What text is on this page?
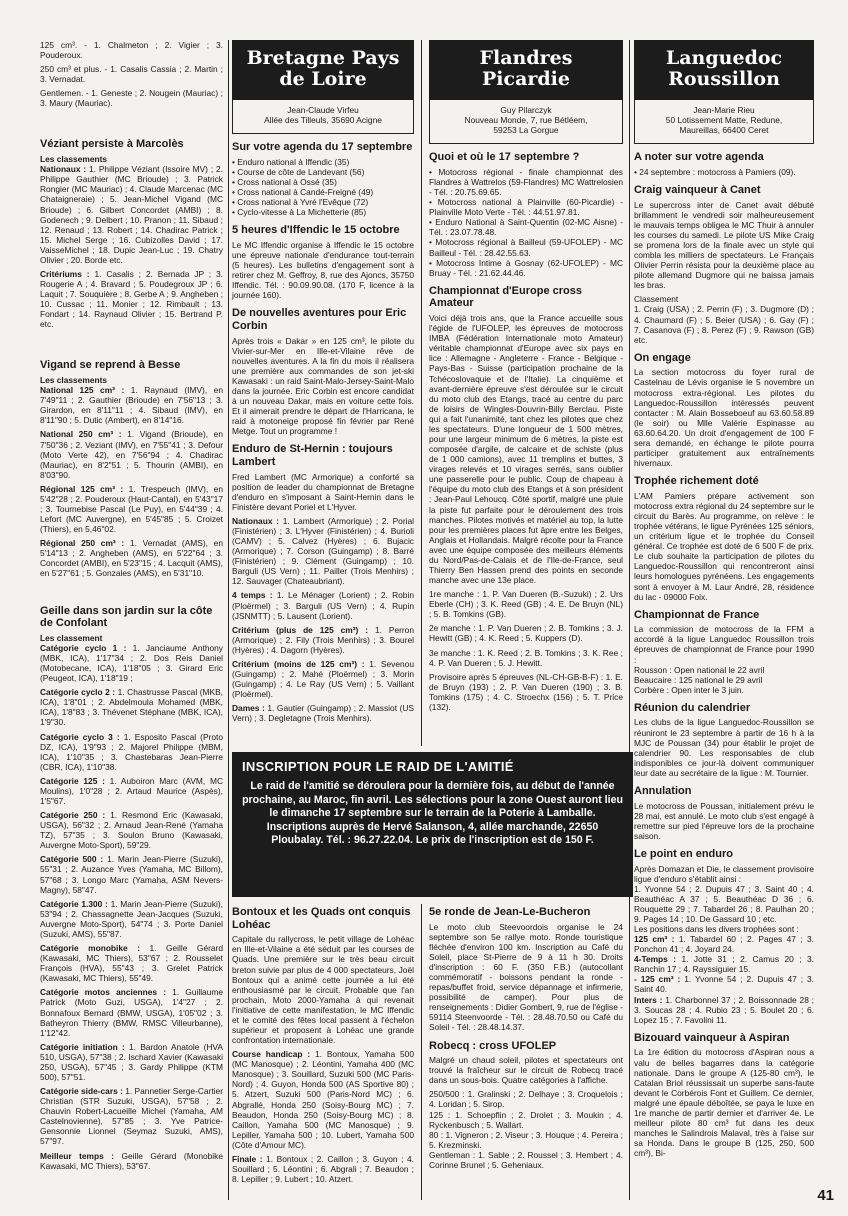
125 cm³. - 1. Chalmeton ; 2. Vigier ; 3. Pouderoux.

250 cm³ et plus. - 1. Casalis Cassia ; 2. Martin ; 3. Vernadat.

Gentlemen. - 1. Geneste ; 2. Nougein (Mauriac) ; 3. Maury (Mauriac).

Véziant persiste à Marcolès
Les classements

Nationaux : 1. Philippe Véziant (Issoire MV) ; 2. Philippe Gauthier (MC Brioude) ; 3. Patrick Rongier (MC Mauriac) ; 4. Claude Marcenac (MC Chataigneraie) ; 5. Jean-Michel Vigand (MC Brioude) ; 6. Gilbert Concordet (AMBI) ; 8. Godenech ; 9. Delbert ; 10. Pranon ; 11. Sibaud ; 12. Renaud ; 13. Robert ; 14. Chadirac Patrick ; 15. Michel Serge ; 16. Cubizolles David ; 17. VaisseMichel ; 18. Dupic Jean-Luc ; 19. Chatry Olivier ; 20. Borde etc.

Critériums : 1. Casalis ; 2. Bernada JP ; 3. Rougerie A ; 4. Bravard ; 5. Poudegroux JP ; 6. Laquit ; 7. Souquière ; 8. Gerbe A ; 9. Angheben ; 10. Cussac ; 11. Monier ; 12. Rimbault ; 13. Fondart ; 14. Raynaud Olivier ; 15. Bertrand P. etc.

Vigand se reprend à Besse
Les classements

National 125 cm³ : 1. Raynaud (IMV), en 7'49"11 ; 2. Gauthier (Brioude) en 7'56"13 ; 3. Girardon, en 8'11"11 ; 4. Sibaud (IMV), en 8'11"90 ; 5. Dutic (Ambert), en 8'14"16.

National 250 cm³ : 1. Vigand (Brioude), en 7'50"36 ; 2. Veziant (IMV), en 7'55"41 ; 3. Defour (Moto Verte 42), en 7'56"94 ; 4. Chadirac (Mauriac), en 8'2"51 ; 5. Thourin (AMBI), en 8'03"90.

Régional 125 cm³ : 1. Trespeuch (IMV), en 5'42"28 ; 2. Pouderoux (Haut-Cantal), en 5'43"17 ; 3. Tournebise Pascal (Le Puy), en 5'44"39 ; 4. Lefort (MC Auvergne), en 5'45"85 ; 5. Croizet (Thiers), en 5,46"02.

Régional 250 cm³ : 1. Vernadat (AMS), en 5'14"13 ; 2. Angheben (AMS), en 5'22"64 ; 3. Concordet (AMBI), en 5'23"15 ; 4. Lacquit (AMS), en 5'27"61 ; 5. Gonzales (AMS), en 5'31"10.

Geille dans son jardin sur la côte de Confolant
Les classement

Catégorie cyclo 1 : 1. Janciaume Anthony (MBK, ICA), 1'17"34 ; 2. Dos Reis Daniel (Motobecane, ICA), 1'18"05 ; 3. Girard Eric (Peugeot, ICA), 1'18"19 ;

Catégorie cyclo 2 : 1. Chastrusse Pascal (MKB, ICA), 1'8"01 ; 2. Abdelmoula Mohamed (MBK, ICA), 1'8"83 ; 3. Thévenet Stéphane (MBK, ICA), 1'9"30.

Catégorie cyclo 3 : 1. Esposito Pascal (Proto DZ, ICA), 1'9"93 ; 2. Majorel Philippe (MBM, ICA), 1'10"35 ; 3. Chastebaras Jean-Pierre (CBR, ICA), 1'10"38.

Catégorie 125 : 1. Auboiron Marc (AVM, MC Moulins), 1'0"28 ; 2. Artaud Maurice (Aspès), 1'5"67.

Catégorie 250 : 1. Resmond Eric (Kawasaki, USGA), 56"32 ; 2. Arnaud Jean-René (Yamaha TZ), 57"35 ; 3. Soulon Bruno (Kawasaki, Auvergne Moto-Sport), 59"29.

Catégorie 500 : 1. Marin Jean-Pierre (Suzuki), 55"31 ; 2. Auzance Yves (Yamaha, MC Billom), 57"68 ; 3. Longo Marc (Yamaha, ASM Nevers-Magny), 58"47.

Catégorie 1.300 : 1. Marin Jean-Pierre (Suzuki), 53"94 ; 2. Chassagnette Jean-Jacques (Suzuki, Auvergne Moto-Sport), 54"74 ; 3. Porte Daniel (Suzuki, AMS), 55"87.

Catégorie monobike : 1. Geille Gérard (Kawasaki, MC Thiers), 53"67 ; 2. Rousselet François (HVA), 55"43 ; 3. Grelet Patrick (Kawasaki, MC Thiers), 55"49.

Catégorie motos anciennes : 1. Guillaume Patrick (Moto Guzi, USGA), 1'4"27 ; 2. Bonnafoux Bernard (BMW, USGA), 1'05"02 ; 3. Batheyron Thierry (BMW, RMSC Villeurbanne), 1'12"42.

Catégorie initiation : 1. Bardon Anatole (HVA 510, USGA), 57"38 ; 2. Ischard Xavier (Kawasaki 250, USGA), 57"45 ; 3. Gardy Philippe (KTM 500), 57"51.

Catégorie side-cars : 1. Pannetier Serge-Cartier Christian (STR Suzuki, USGA), 57"58 ; 2. Chauvin Robert-Lacueille Michel (Yamaha, AM Castelnovienne), 57"85 ; 3. Yve Patrice-Gensonnie Lionnel (Seymaz Suzuki, AMS), 57"97.

Meilleur temps : Geille Gérard (Monobike Kawasaki, MC Thiers), 53"67.

Bretagne Pays de Loire
Jean-Claude Virfeu
Allée des Tilleuls, 35690 Acigne
Sur votre agenda du 17 septembre
• Enduro national à Iffendic (35)
• Course de côte de Landevant (56)
• Cross national à Ossé (35)
• Cross national à Candé-Freigné (49)
• Cross national à Yvré l'Evêque (72)
• Cyclo-vitesse à La Michetterie (85)
5 heures d'Iffendic le 15 octobre

Le MC Iffendic organise à Iffendic le 15 octobre une épreuve nationale d'endurance tout-terrain (5 heures). Les bulletins d'engagement sont à retirer chez M. Geffroy, 8, rue des Ajoncs, 35750 Iffendic. Tél. : 90.09.90.08. (170 F, licence à la journée 160).

De nouvelles aventures pour Eric Corbin

Après trois « Dakar » en 125 cm³, le pilote du Vivier-sur-Mer en Ille-et-Vilaine rêve de nouvelles aventures. A la fin du mois il réalisera une première aux commandes de son jet-ski Kawasaki : un raid Saint-Malo-Jersey-Saint-Malo dans la journée. Eric Corbin est encore candidat à un nouveau Dakar, mais en voiture cette fois. Et il aimerait prendre le départ de l'Harricana, le raid à motoneige proposé fin février par René Metge. Tout un programme !

Enduro de St-Hernin : toujours Lambert

Fred Lambert (MC Armorique) a conforté sa position de leader du championnat de Bretagne d'enduro en s'imposant à Saint-Hernin dans le Finistère devant Poriel et L'Hyver.

Nationaux : 1. Lambert (Armorique) ; 2. Porial (Finistérien) ; 3. L'Hyver (Finistérien) ; 4. Burioli (CAMV) ; 5. Calvez (Hyères) ; 6. Bujacic (Armorique) ; 7. Corson (Guingamp) ; 8. Barré (Finistérien) ; 9. Clément (Guingamp) ; 10. Barguli (US Vern) ; 11. Pailler (Trois Menhirs) ; 12. Sauvager (Chateaubriant).

4 temps : 1. Le Ménager (Lorient) ; 2. Robin (Ploërmel) ; 3. Barguli (US Vern) ; 4. Rupin (JSNMTT) ; 5. Lausent (Lorient).

Critérium (plus de 125 cm³) : 1. Perron (Armorique) ; 2. Fily (Trois Menhirs) ; 3. Bourel (Hyères) ; 4. Dagorn (Hyères).

Critérium (moins de 125 cm³) : 1. Sevenou (Guingamp) ; 2. Mahé (Ploërmel) ; 3. Morin (Guingamp) ; 4. Le Ray (US Vern) ; 5. Vaillant (Ploërmel).

Dames : 1. Gautier (Guingamp) ; 2. Massiot (US Vern) ; 3. Degletagne (Trois Menhirs).

Flandres Picardie
Guy Pilarczyk
Nouveau Monde, 7, rue Bétléem,
59253 La Gorgue
Quoi et où le 17 septembre ?
• Motocross régional - finale championnat des Flandres à Wattrelos (59-Flandres) MC Wattrelosien - Tél. : 20.75.69.65.
• Motocross national à Plainville (60-Picardie) - Plainville Moto Verte - Tél. : 44.51.97.81.
• Enduro National à Saint-Quentin (02-MC Aisne) - Tél. : 23.07.78.48.
• Motocross régional à Bailleul (59-UFOLEP) - MC Bailleul - Tél. : 28.42.55.63.
• Motocross Intime à Gosnay (62-UFOLEP) - MC Bruay - Tél. : 21.62.44.46.
Championnat d'Europe cross Amateur

Voici déjà trois ans, que la France accueille sous l'égide de l'UFOLEP, les épreuves de motocross IMBA (Fédération Internationale moto Amateur) véritable championnat d'Europe avec six pays en lice : Allemagne - Angleterre - France - Belgique - Pays-Bas - Suisse (participation prochaine de la Tchécoslovaquie et de l'Italie). La cinquième et avant-dernière épreuve s'est déroulée sur le circuit du moto club des Etangs, tracé au centre du parc de loisirs de Wingles-Douvrin-Billy Berclau. Piste qui a fait l'unanimité, tant chez les pilotes que chez les spectateurs. D'une longueur de 1 500 mètres, pour une largeur minimum de 6 mètres, la piste est composée d'argile, de calcaire et de schiste (plus de 1 000 camions), avec 11 tremplins et buttes, 3 virages relevés et 10 virages serrés, sans oublier une passerelle pour le public. Coup de chapeau à l'équipe du moto club des Etangs et à son président : Jean-Paul Lehoucq. Côté sportif, malgré une pluie la piste fut parfaite pour le déroulement des trois manches. Pilotes motivés et matériel au top, la lutte pour les premières places fut âpre entre les Belges, Anglais et Hollandais. Malgré récolte pour la France avec une équipe composée des meilleurs éléments du Nord/Pas-de-Calais et de l'Ile-de-France, seul Thierry Ben Hassen prend des points en seconde manche avec une 13e place.

1re manche : 1. P. Van Dueren (B.-Suzuki) ; 2. Urs Eberle (CH) ; 3. K. Reed (GB) ; 4. E. De Bruyn (NL) ; 5. B. Tomkins (GB).

2e manche : 1. P. Van Dueren ; 2. B. Tomkins ; 3. J. Hewitt (GB) ; 4. K. Reed ; 5. Kuppers (D).

3e manche : 1. K. Reed ; 2. B. Tomkins ; 3. K. Ree ; 4. P. Van Dueren ; 5. J. Hewitt.

Provisoire après 5 épreuves (NL-CH-GB-B-F) : 1. E. de Bruyn (193) ; 2. P. Van Dueren (190) ; 3. B. Tomkins (175) ; 4. C. Stroechx (156) ; 5. T. Price (132).

Languedoc Roussillon
Jean-Marie Rieu
50 Lotissement Matte, Redune,
Maureillas, 66400 Ceret
A noter sur votre agenda

• 24 septembre : motocross à Pamiers (09).

Craig vainqueur à Canet

Le supercross inter de Canet avait débuté brillamment le vendredi soir malheureusement le mauvais temps obligea le MC Thuir à annuler les courses du samedi. Le pilote US Mike Craig se promena lors de la finale avec un style qui combla les milliers de spectateurs. Le Français Olivier Perrin résista pour la deuxième place au pilote allemand Dugmore qui ne baissa jamais les bras.

Classement

1. Craig (USA) ; 2. Perrin (F) ; 3. Dugmore (D) ; 4. Chaumard (F) ; 5. Beier (USA) ; 6. Gay (F) ; 7. Casanova (F) ; 8. Perez (F) ; 9. Rawson (GB) etc.

On engage

La section motocross du foyer rural de Castelnau de Lévis organise le 5 novembre un motocross extra-régional. Les pilotes du Languedoc-Roussillon intéressés peuvent contacter : M. Alain Bosseboeuf au 63.60.58.89 (le soir) ou Mlle Valérie Espinasse au 63.60.64.20. Un droit d'engagement de 100 F sera demandé, en échange le pilote pourra participer gratuitement aux entraînements hivernaux.

Trophée richement doté

L'AM Pamiers prépare activement son motocross extra régional du 24 septembre sur le circuit du Barès. Au programme, on relève : le trophée vétérans, le ligue Pyrénées 125 séniors, un critérium ligue et le trophée du Conseil général. Ce trophée est doté de 6 500 F de prix. Le club souhaite la participation de pilotes du Languedoc-Roussillon qui rencontreront ainsi leurs homologues pyrénéens. Les engagements sont à envoyer à M. Laur André, 28, résidence du lac - 09000 Foix.

Championnat de France

La commission de motocross de la FFM a accordé à la ligue Languedoc Roussillon trois épreuves de championnat de France pour 1990 :

Rousson : Open national le 22 avril
Beaucaire : 125 national le 29 avril

Corbère : Open inter le 3 juin.

Réunion du calendrier

Les clubs de la ligue Languedoc-Roussillon se réuniront le 23 septembre à partir de 16 h à la MJC de Poussan (34) pour établir le projet de calendrier 90. Les responsables de club indisponibles ce jour-là doivent communiquer leur date au secrétaire de la ligue : M. Tournier.

Annulation

Le motocross de Poussan, initialement prévu le 28 mai, est annulé. Le moto club s'est engagé à remettre sur pied l'épreuve lors de la prochaine saison.

Le point en enduro

Après Domazan et Die, le classement provisoire ligue d'enduro s'établit ainsi :

1. Yvonne 54 ; 2. Dupuis 47 ; 3. Saint 40 ; 4. Beauthéac A 37 ; 5. Beauthéac D 36 ; 6. Rouquette 29 ; 7. Tabardel 26 ; 8. Paulhan 20 ; 9. Pages 14 ; 10. De Gassard 10 ; etc.

Les positions dans les divers trophées sont :

125 cm³ : 1. Tabardel 60 ; 2. Pages 47 ; 3. Ponchon 41 ; 4. Joyard 24.
4-Temps : 1. Jotte 31 ; 2. Camus 20 ; 3. Ranchin 17 ; 4. Rayssiguier 15.
- 125 cm³ : 1. Yvonne 54 ; 2. Dupuis 47 ; 3. Saint 40.

Inters : 1. Charbonnel 37 ; 2. Boissonnade 28 ; 3. Soucas 28 ; 4. Rubio 23 ; 5. Boulet 20 ; 6. Lopez 15 ; 7. Favolini 11.

Bizouard vainqueur à Aspiran

La 1re édition du motocross d'Aspiran nous a valu de belles bagarres dans la catégorie nationale. Dans le groupe A (125-80 cm³), le Catalan Briol réussissait un superbe sans-faute devant le Corbérois Font et Guillem. Ce dernier, malgré une épaule déboîtée, se paya le luxe en 1re manche de partir dernier et d'arriver 4e. Le meilleur pilote 80 cm³ fut dans les deux manches le Salindrois Malaval, très à l'aise sur sa Honda. Dans le groupe B (125, 250, 500 cm³), Bi-

INSCRIPTION POUR LE RAID DE L'AMITIÉ
Le raid de l'amitié se déroulera pour la dernière fois, au début de l'année prochaine, au Maroc, fin avril. Les sélections pour la zone Ouest auront lieu le dimanche 17 septembre sur le terrain de la Poterie à Lamballe. Inscriptions auprès de Hervé Salanson, 4, allée marchande, 22650 Ploubalay. Tél. : 96.27.22.04. Le prix de l'inscription est de 150 F.
Bontoux et les Quads ont conquis Lohéac

Capitale du rallycross, le petit village de Lohéac en Ille-et-Vilaine a été séduit par les courses de Quads. Une première sur le très beau circuit breton suivie par plus de 4 000 spectateurs, Joël Bontoux qui a animé cette journée a lui été enthousiasmé par le circuit. Probable que l'an prochain, Moto 2000-Yamaha à qui revenait l'initiative de cette manifestation, le MC Iffendic et le comité des fêtes local passent à l'échelon supérieur et proposent à Lohéac une grande confrontation internationale.

Course handicap : 1. Bontoux, Yamaha 500 (MC Manosque) ; 2. Léontini, Yamaha 400 (MC Manosque) ; 3. Souillard, Suzuki 500 (MC Paris-Nord) ; 4. Guyon, Honda 500 (AS Sportive 80) ; 5. Atzert, Suzuki 500 (Paris-Nord MC) ; 6. Abgrallé, Honda 250 (Soisy-Bourg MC) ; 7. Beaudon, Honda 250 (Soisy-Bourg MC) ; 8. Caillon, Yamaha 500 (MC Manosque) ; 9. Lepiller, Yamaha 500 ; 10. Lubert, Yamaha 500 (Côte d'Amour MC).

Finale : 1. Bontoux ; 2. Caillon ; 3. Guyon ; 4. Souillard ; 5. Léontini ; 6. Abgrali ; 7. Beaudon ; 8. Lepiller ; 9. Lubert ; 10. Atzert.

5e ronde de Jean-Le-Bucheron

Le moto club Steevoordois organise le 24 septembre son 5e rallye moto. Ronde touristique fléchée d'environ 100 km. Inscription au Café du Soleil, place St-Pierre de 9 à 11 h 30. Droits d'inscription : 60 F. (350 F.B.) (autocollant commémoratif - boissons pendant la ronde - repas/buffet froid, service dépannage et infirmerie, possibilité de camper). Pour plus de renseignements : Didier Gombert, 9, rue de l'église - 59114 Steenvoorde - Tél. : 28.48.70.50 ou Café du Soleil - Tél. : 28.48.14.37.

Robecq : cross UFOLEP

Malgré un chaud soleil, pilotes et spectateurs ont trouvé la fraîcheur sur le circuit de Robecq tracé dans un sous-bois. Quatre catégories à l'affiche.

250/500 : 1. Gralinski ; 2. Delhaye ; 3. Croquelois ; 4. Loridan ; 5. Sirop.
125 : 1. Schoepflin ; 2. Drolet ; 3. Moukin ; 4. Ryckenbusch ; 5. Wallart.
80 : 1. Vigneron ; 2. Viseur ; 3. Houque ; 4. Pereira ; 5. Krezminski.
Gentleman : 1. Sable ; 2. Roussel ; 3. Hembert ; 4. Corinne Brunel ; 5. Geheniaux.
41
